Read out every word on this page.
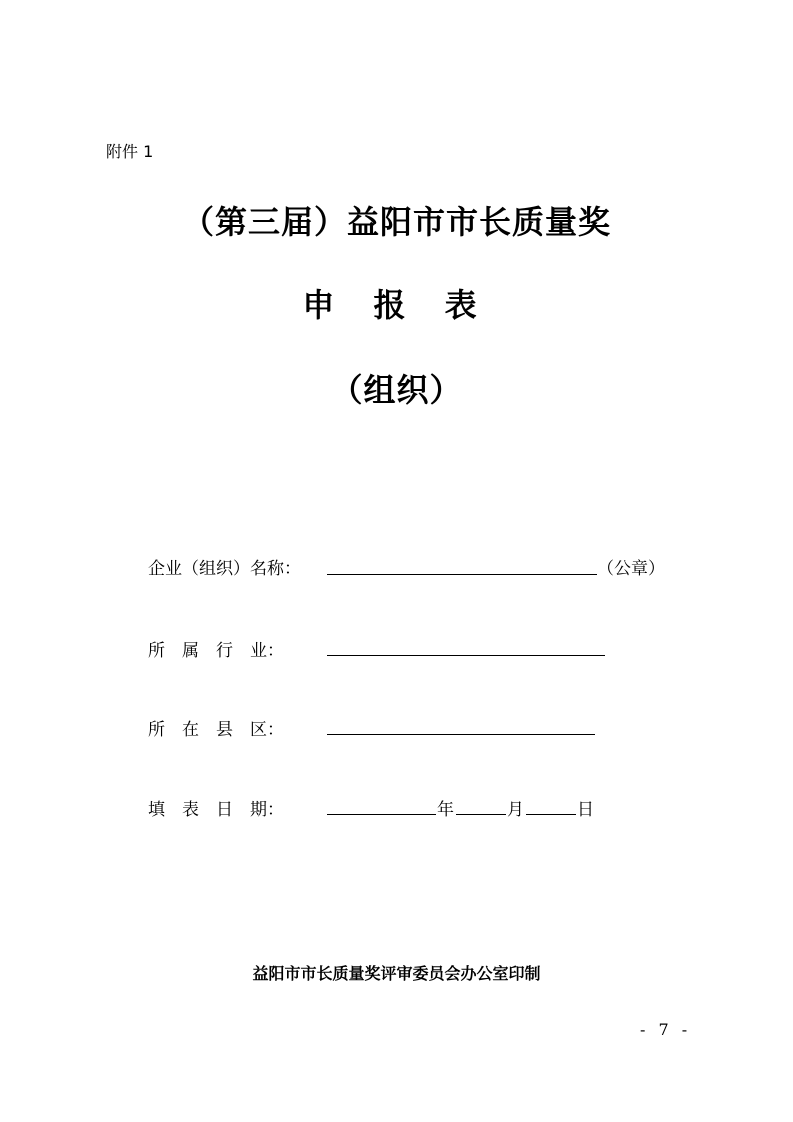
附件 1
（第三届）益阳市市长质量奖
申 报 表
（组织）
企业（组织）名称：	（公章）
所　属　行　业：
所　在　县　区：
填　表　日　期：	年	月	日
益阳市市长质量奖评审委员会办公室印制
- 7 -
